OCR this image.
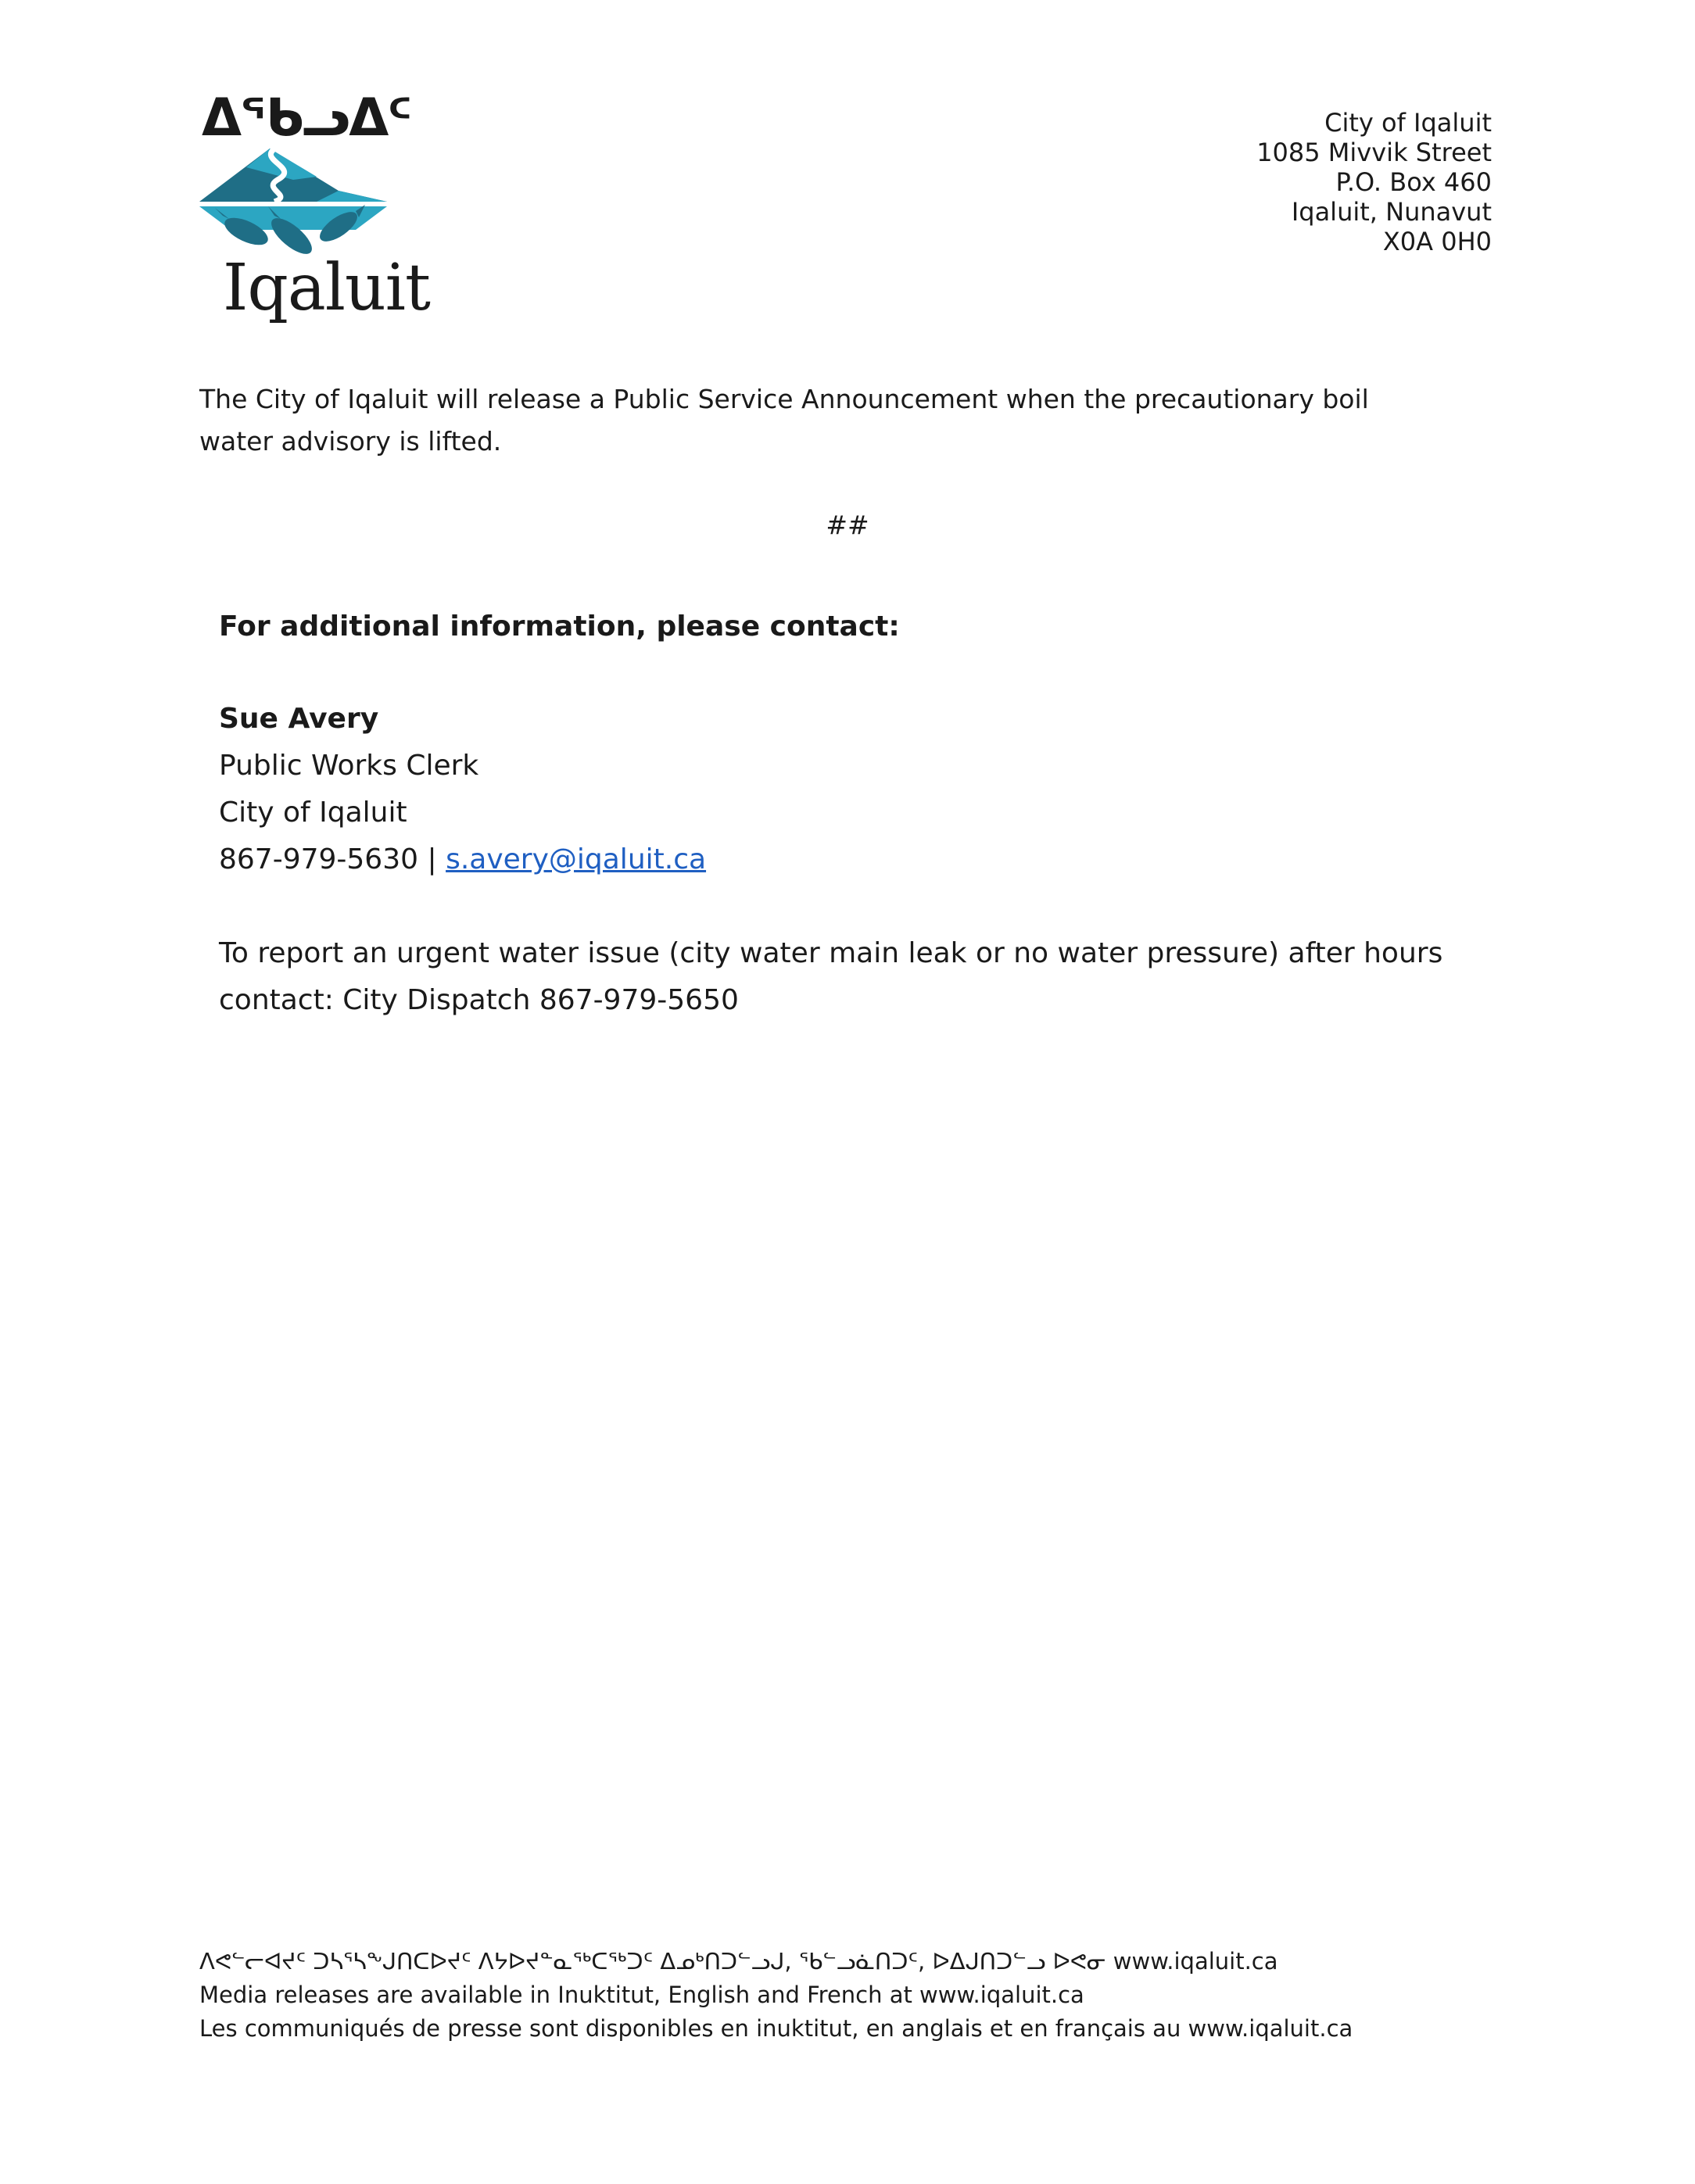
ᐃᖃᓗᐃᑦ
Iqaluit
City of Iqaluit
1085 Mivvik Street
P.O. Box 460
Iqaluit, Nunavut
X0A 0H0
The City of Iqaluit will release a Public Service Announcement when the precautionary boil water advisory is lifted.
##
For additional information, please contact:
Sue Avery
Public Works Clerk
City of Iqaluit
867-979-5630 | s.avery@iqaluit.ca
To report an urgent water issue (city water main leak or no water pressure) after hours
contact: City Dispatch 867-979-5650
ᐱᕙᓪᓕᐊᔪᑦ ᑐᓴᕐᓴᖕᒍᑎᑕᐅᔪᑦ ᐱᔭᐅᔪᓐᓇᖅᑕᖅᑐᑦ ᐃᓄᒃᑎᑐᓪᓗᒍ, ᖃᓪᓗᓈᑎᑐᑦ, ᐅᐃᒍᑎᑐᓪᓗ ᐅᕙᓂ www.iqaluit.ca
Media releases are available in Inuktitut, English and French at www.iqaluit.ca
Les communiqués de presse sont disponibles en inuktitut, en anglais et en français au www.iqaluit.ca
